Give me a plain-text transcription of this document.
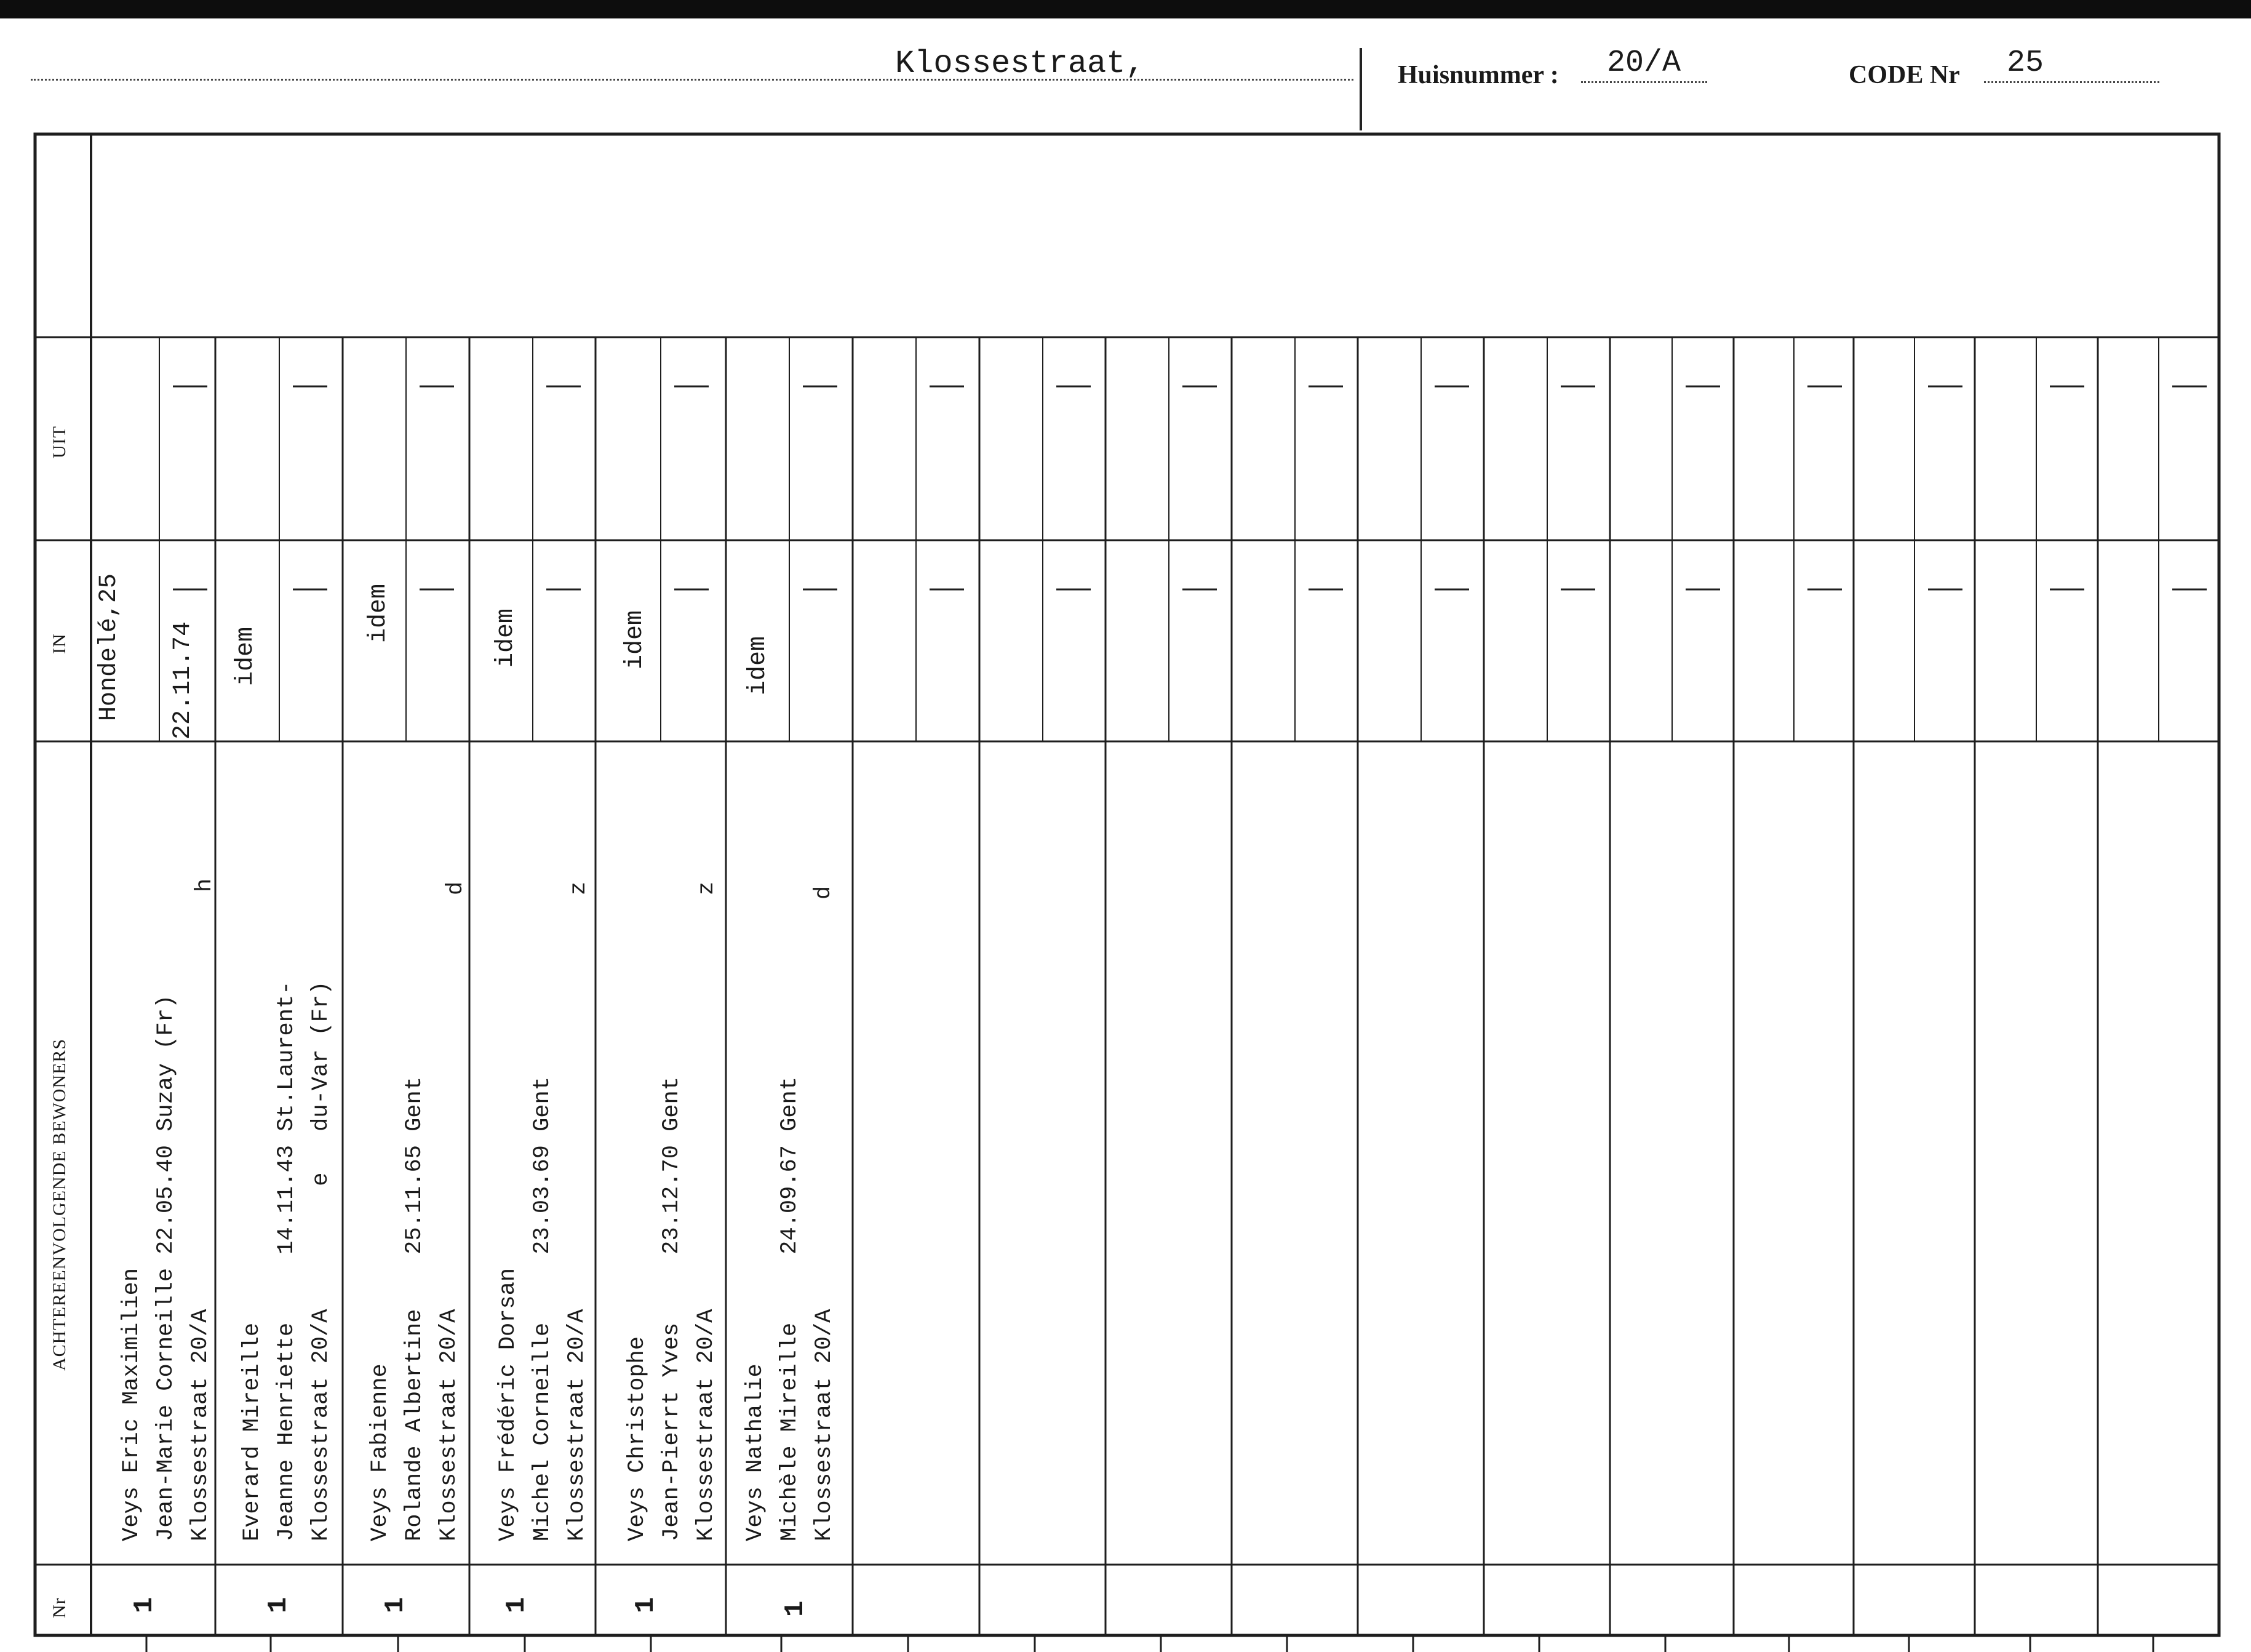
Klossestraat,	Huisnummer : 20/A	CODE Nr 25
UIT
IN
ACHTEREENVOLGENDE BEWONERS
Nr
Hondelé,25 22.11.74
Veys Eric Maximilien Jean-Marie Corneille 22.05.40 Suzay (Fr) Klossestraat 20/A
h
1
Everard Mireille Jeanne Henriette     14.11.43 St.Laurent- Klossestraat 20/A         e   du-Var (Fr)
idem
1
Veys Fabienne Rolande Albertine    25.11.65 Gent Klossestraat 20/A
d
idem
1
Veys Frédéric Dorsan Michel Corneille     23.03.69 Gent Klossestraat 20/A
z
idem
1
Veys Christophe Jean-Pierrt Yves     23.12.70 Gent Klossestraat 20/A
z
idem
1
Veys Nathalie Michèle Mireille     24.09.67 Gent Klossestraat 20/A
d
idem
1
